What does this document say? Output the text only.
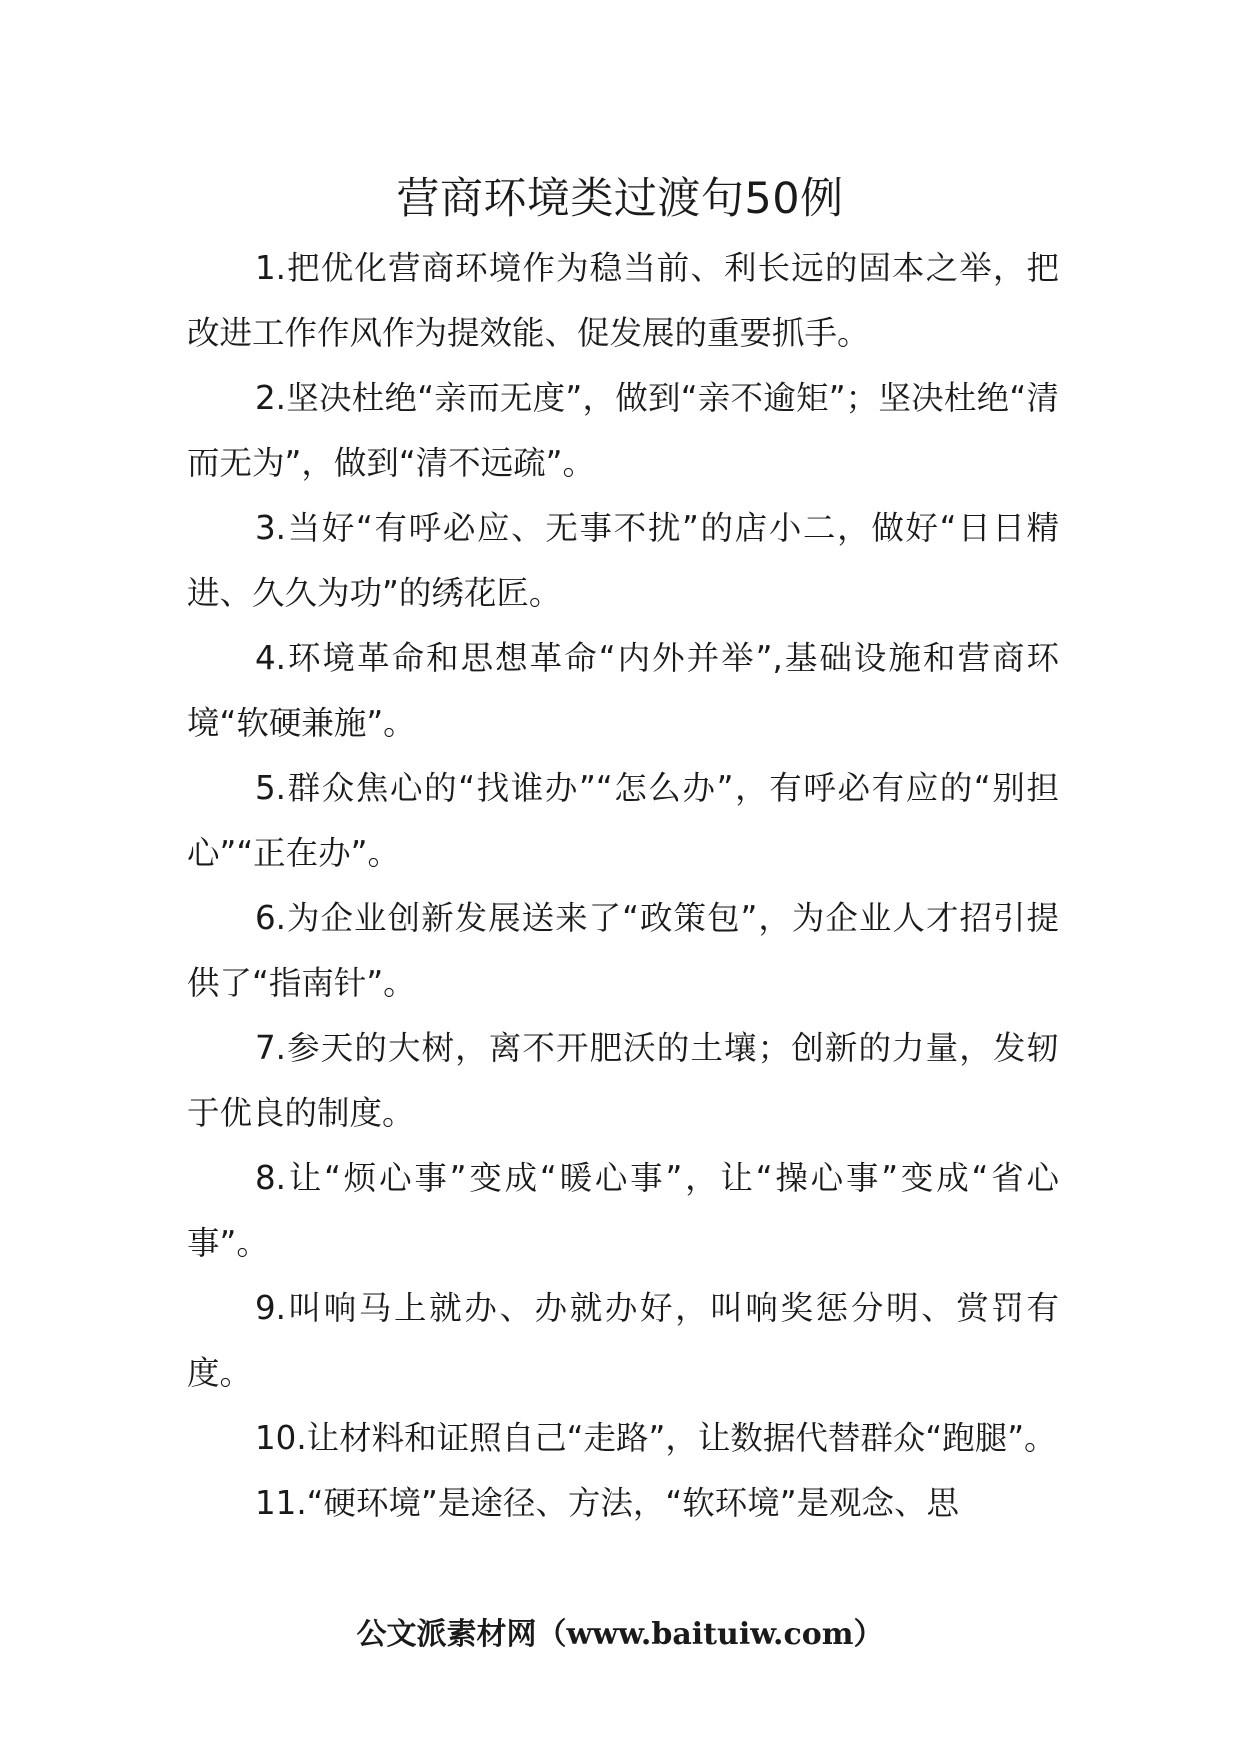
营商环境类过渡句50例

1.把优化营商环境作为稳当前、利长远的固本之举，把改进工作作风作为提效能、促发展的重要抓手。

2.坚决杜绝“亲而无度”，做到“亲不逾矩”；坚决杜绝“清而无为”，做到“清不远疏”。

3.当好“有呼必应、无事不扰”的店小二，做好“日日精进、久久为功”的绣花匠。

4.环境革命和思想革命“内外并举”,基础设施和营商环境“软硬兼施”。

5.群众焦心的“找谁办”“怎么办”，有呼必有应的“别担心”“正在办”。

6.为企业创新发展送来了“政策包”，为企业人才招引提供了“指南针”。

7.参天的大树，离不开肥沃的土壤；创新的力量，发轫于优良的制度。

8.让“烦心事”变成“暖心事”，让“操心事”变成“省心事”。

9.叫响马上就办、办就办好，叫响奖惩分明、赏罚有度。

10.让材料和证照自己“走路”，让数据代替群众“跑腿”。

11.“硬环境”是途径、方法，“软环境”是观念、思

公文派素材网（www.baituiw.com）
